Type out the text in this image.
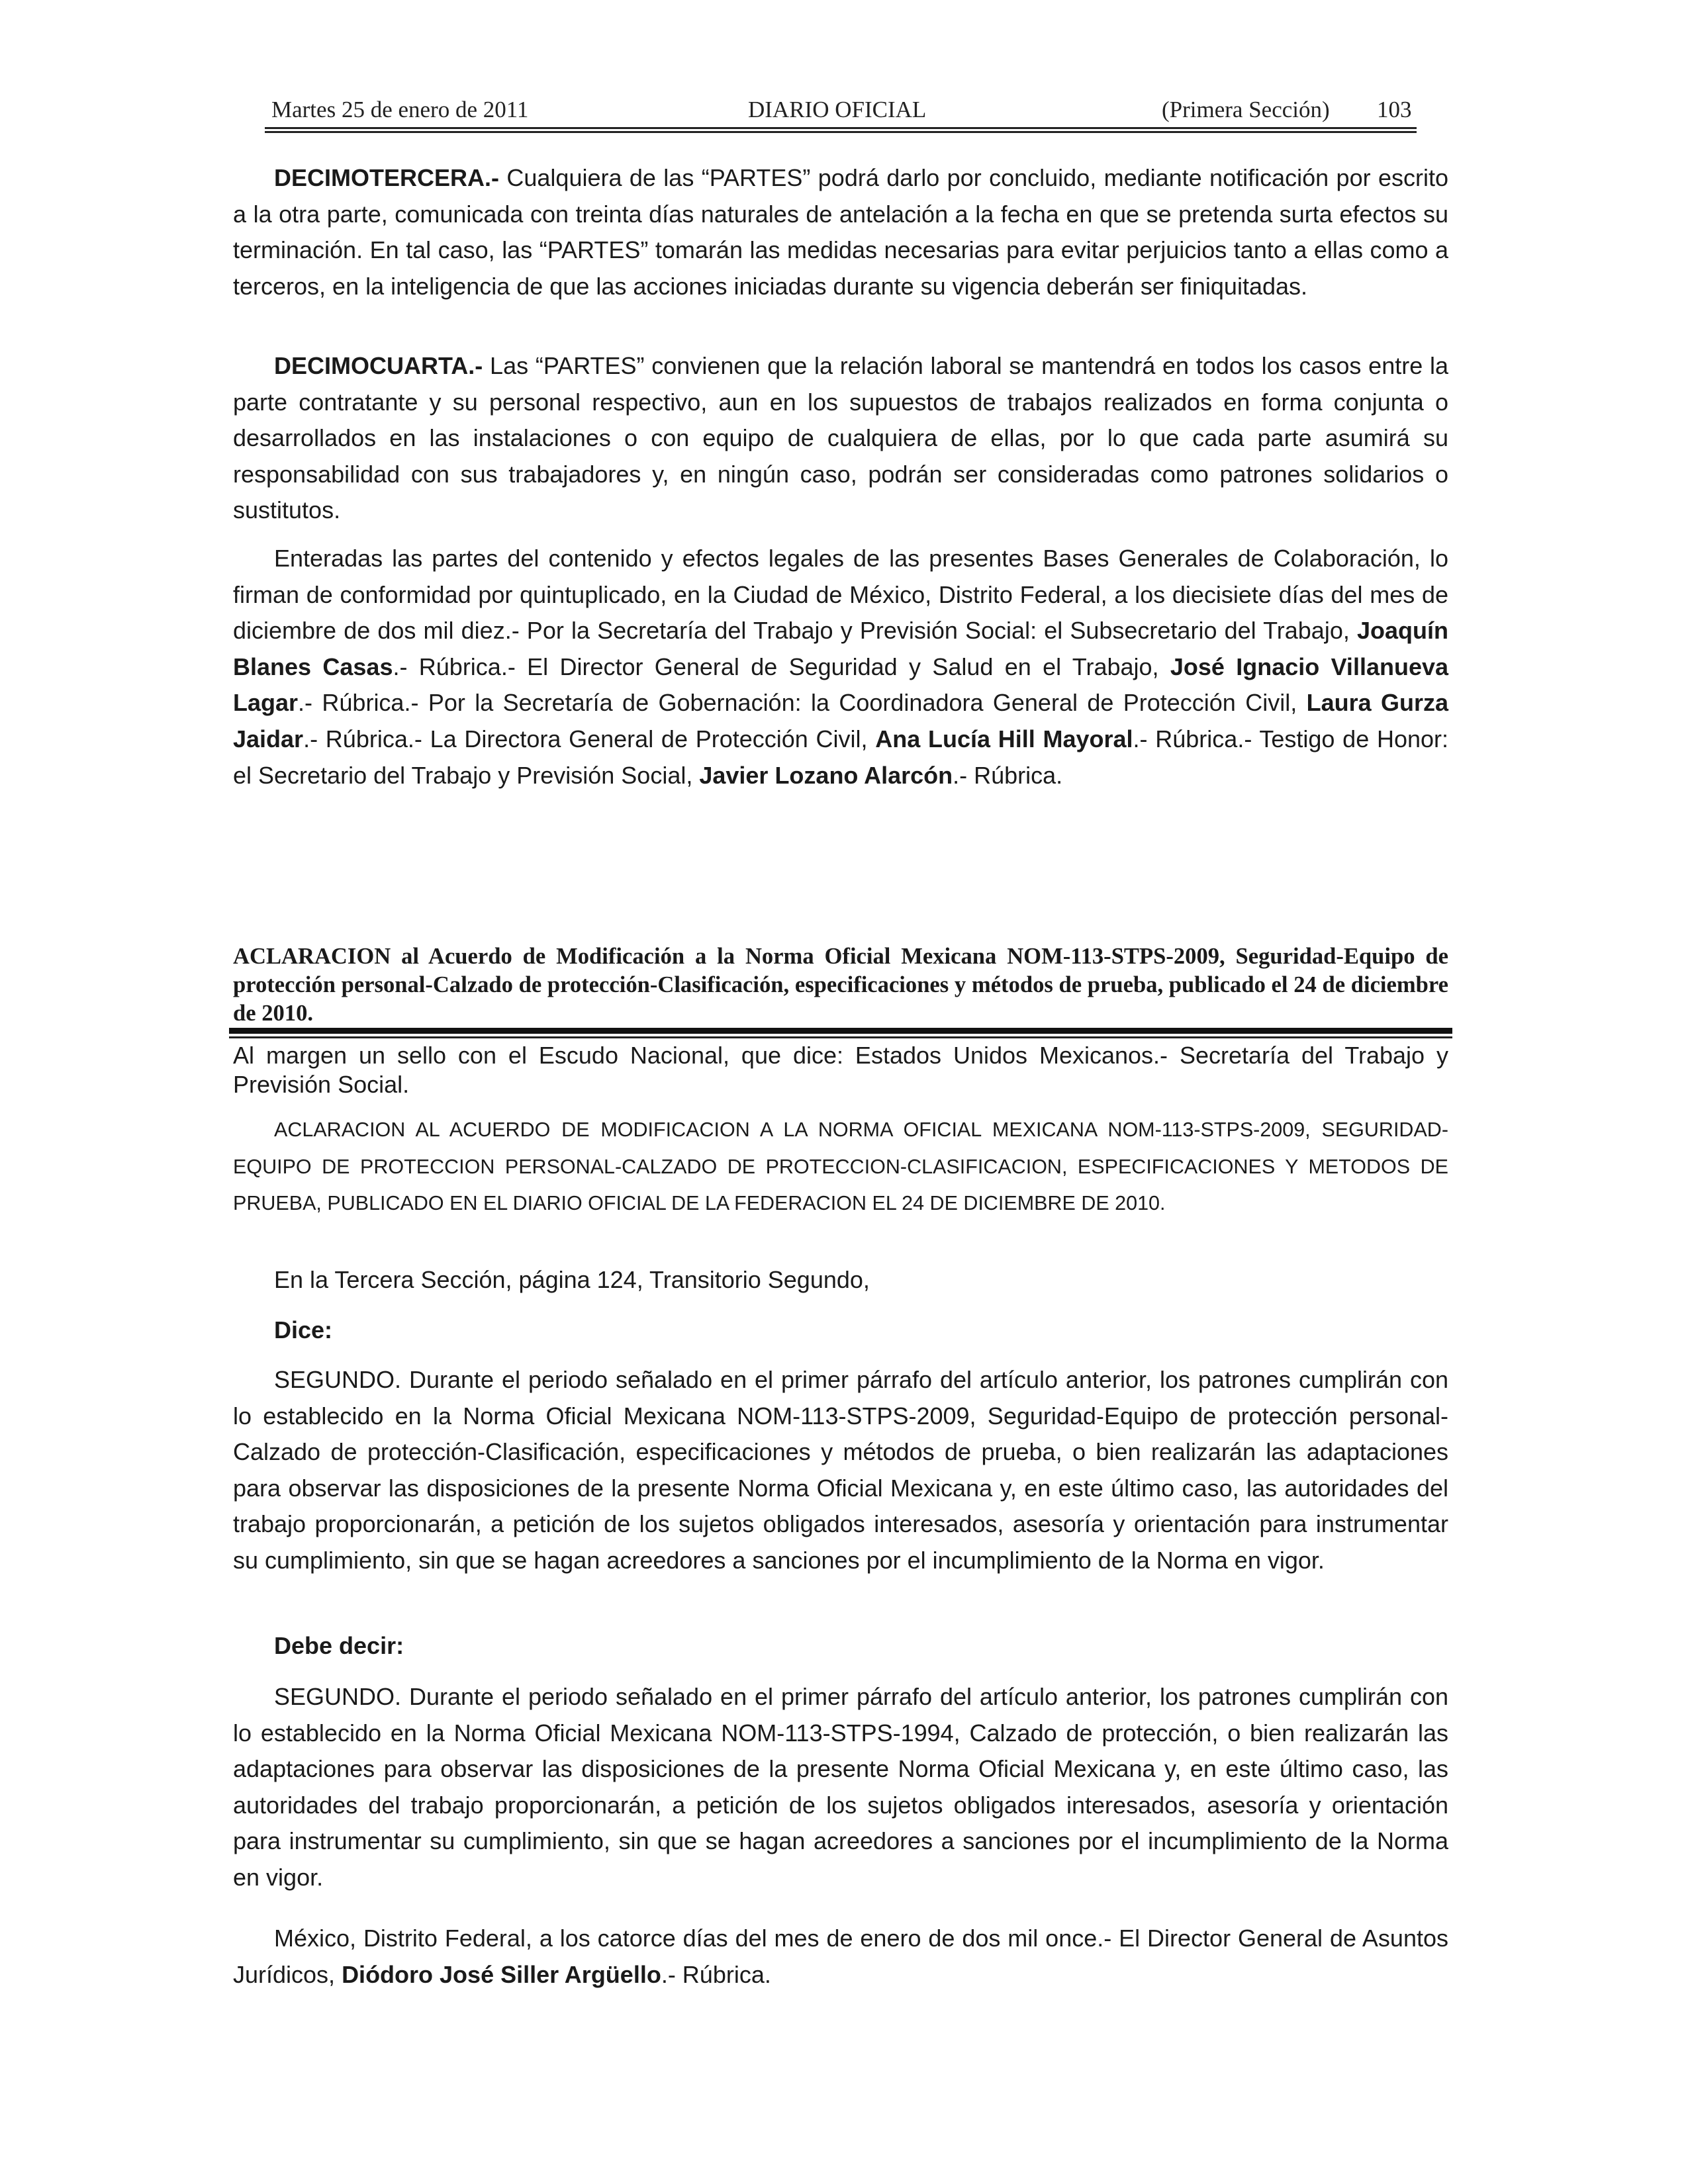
Martes 25 de enero de 2011	DIARIO OFICIAL	(Primera Sección) 103

DECIMOTERCERA.- Cualquiera de las “PARTES” podrá darlo por concluido, mediante notificación por escrito a la otra parte, comunicada con treinta días naturales de antelación a la fecha en que se pretenda surta efectos su terminación. En tal caso, las “PARTES” tomarán las medidas necesarias para evitar perjuicios tanto a ellas como a terceros, en la inteligencia de que las acciones iniciadas durante su vigencia deberán ser finiquitadas.

DECIMOCUARTA.- Las “PARTES” convienen que la relación laboral se mantendrá en todos los casos entre la parte contratante y su personal respectivo, aun en los supuestos de trabajos realizados en forma conjunta o desarrollados en las instalaciones o con equipo de cualquiera de ellas, por lo que cada parte asumirá su responsabilidad con sus trabajadores y, en ningún caso, podrán ser consideradas como patrones solidarios o sustitutos.

Enteradas las partes del contenido y efectos legales de las presentes Bases Generales de Colaboración, lo firman de conformidad por quintuplicado, en la Ciudad de México, Distrito Federal, a los diecisiete días del mes de diciembre de dos mil diez.- Por la Secretaría del Trabajo y Previsión Social: el Subsecretario del Trabajo, Joaquín Blanes Casas.- Rúbrica.- El Director General de Seguridad y Salud en el Trabajo, José Ignacio Villanueva Lagar.- Rúbrica.- Por la Secretaría de Gobernación: la Coordinadora General de Protección Civil, Laura Gurza Jaidar.- Rúbrica.- La Directora General de Protección Civil, Ana Lucía Hill Mayoral.- Rúbrica.- Testigo de Honor: el Secretario del Trabajo y Previsión Social, Javier Lozano Alarcón.- Rúbrica.

ACLARACION al Acuerdo de Modificación a la Norma Oficial Mexicana NOM-113-STPS-2009, Seguridad-Equipo de protección personal-Calzado de protección-Clasificación, especificaciones y métodos de prueba, publicado el 24 de diciembre de 2010.

Al margen un sello con el Escudo Nacional, que dice: Estados Unidos Mexicanos.- Secretaría del Trabajo y Previsión Social.

ACLARACION AL ACUERDO DE MODIFICACION A LA NORMA OFICIAL MEXICANA NOM-113-STPS-2009, SEGURIDAD-EQUIPO DE PROTECCION PERSONAL-CALZADO DE PROTECCION-CLASIFICACION, ESPECIFICACIONES Y METODOS DE PRUEBA, PUBLICADO EN EL DIARIO OFICIAL DE LA FEDERACION EL 24 DE DICIEMBRE DE 2010.

En la Tercera Sección, página 124, Transitorio Segundo,

Dice:

SEGUNDO. Durante el periodo señalado en el primer párrafo del artículo anterior, los patrones cumplirán con lo establecido en la Norma Oficial Mexicana NOM-113-STPS-2009, Seguridad-Equipo de protección personal-Calzado de protección-Clasificación, especificaciones y métodos de prueba, o bien realizarán las adaptaciones para observar las disposiciones de la presente Norma Oficial Mexicana y, en este último caso, las autoridades del trabajo proporcionarán, a petición de los sujetos obligados interesados, asesoría y orientación para instrumentar su cumplimiento, sin que se hagan acreedores a sanciones por el incumplimiento de la Norma en vigor.

Debe decir:

SEGUNDO. Durante el periodo señalado en el primer párrafo del artículo anterior, los patrones cumplirán con lo establecido en la Norma Oficial Mexicana NOM-113-STPS-1994, Calzado de protección, o bien realizarán las adaptaciones para observar las disposiciones de la presente Norma Oficial Mexicana y, en este último caso, las autoridades del trabajo proporcionarán, a petición de los sujetos obligados interesados, asesoría y orientación para instrumentar su cumplimiento, sin que se hagan acreedores a sanciones por el incumplimiento de la Norma en vigor.

México, Distrito Federal, a los catorce días del mes de enero de dos mil once.- El Director General de Asuntos Jurídicos, Diódoro José Siller Argüello.- Rúbrica.
